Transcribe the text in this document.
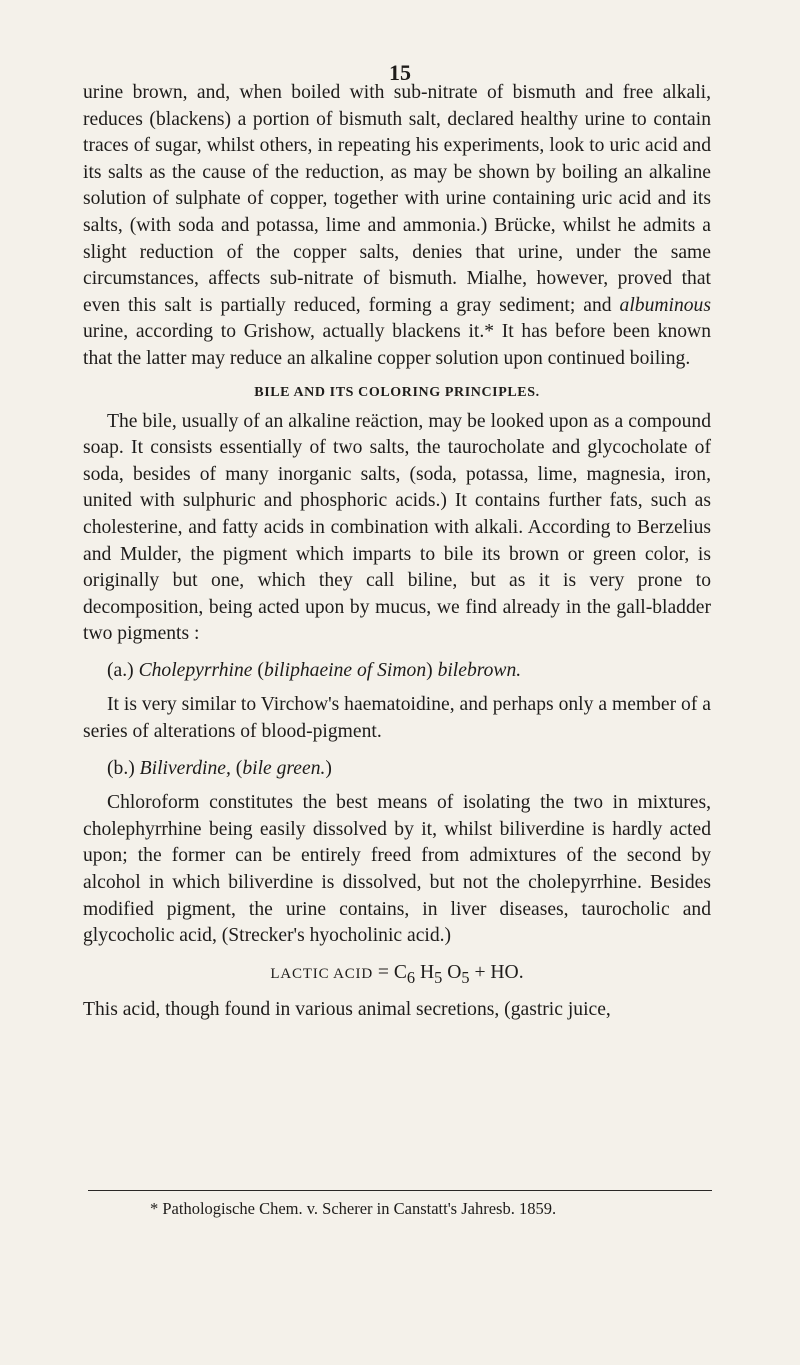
15

urine brown, and, when boiled with sub-nitrate of bismuth and free alkali, reduces (blackens) a portion of bismuth salt, declared healthy urine to contain traces of sugar, whilst others, in repeating his experiments, look to uric acid and its salts as the cause of the reduction, as may be shown by boiling an alkaline solution of sulphate of copper, together with urine containing uric acid and its salts, (with soda and potassa, lime and ammonia.) Brücke, whilst he admits a slight reduction of the copper salts, denies that urine, under the same circumstances, affects sub-nitrate of bismuth. Mialhe, however, proved that even this salt is partially reduced, forming a gray sediment; and albuminous urine, according to Grishow, actually blackens it.* It has before been known that the latter may reduce an alkaline copper solution upon continued boiling.

BILE AND ITS COLORING PRINCIPLES.

The bile, usually of an alkaline reäction, may be looked upon as a compound soap. It consists essentially of two salts, the taurocholate and glycocholate of soda, besides of many inorganic salts, (soda, potassa, lime, magnesia, iron, united with sulphuric and phosphoric acids.) It contains further fats, such as cholesterine, and fatty acids in combination with alkali. According to Berzelius and Mulder, the pigment which imparts to bile its brown or green color, is originally but one, which they call biline, but as it is very prone to decomposition, being acted upon by mucus, we find already in the gall-bladder two pigments :

(a.) Cholepyrrhine (biliphaeine of Simon) bilebrown.

It is very similar to Virchow's haematoidine, and perhaps only a member of a series of alterations of blood-pigment.

(b.) Biliverdine, (bile green.)

Chloroform constitutes the best means of isolating the two in mixtures, cholephyrrhine being easily dissolved by it, whilst biliverdine is hardly acted upon; the former can be entirely freed from admixtures of the second by alcohol in which biliverdine is dissolved, but not the cholepyrrhine. Besides modified pigment, the urine contains, in liver diseases, taurocholic and glycocholic acid, (Strecker's hyocholinic acid.)

LACTIC ACID = $C_6$ $H_5$ $O_5$ + HO.

This acid, though found in various animal secretions, (gastric juice,

* Pathologische Chem. v. Scherer in Canstatt's Jahresb. 1859.
